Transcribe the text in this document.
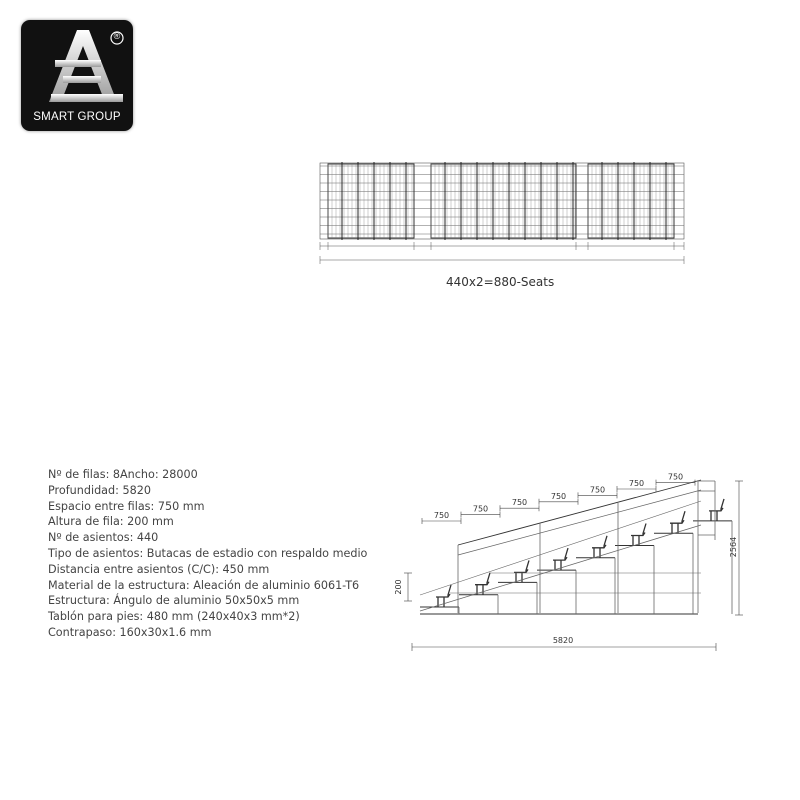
®
SMART GROUP
440x2=880-Seats
Nº de filas: 8Ancho: 28000
Profundidad: 5820
Espacio entre filas: 750 mm
Altura de fila: 200 mm
Nº de asientos: 440
Tipo de asientos: Butacas de estadio con respaldo medio
Distancia entre asientos (C/C): 450 mm
Material de la estructura: Aleación de aluminio 6061-T6
Estructura: Ángulo de aluminio 50x50x5 mm
Tablón para pies: 480 mm (240x40x3 mm*2)
Contrapaso: 160x30x1.6 mm
200
5820
2564
750
750
750
750
750
750
750
